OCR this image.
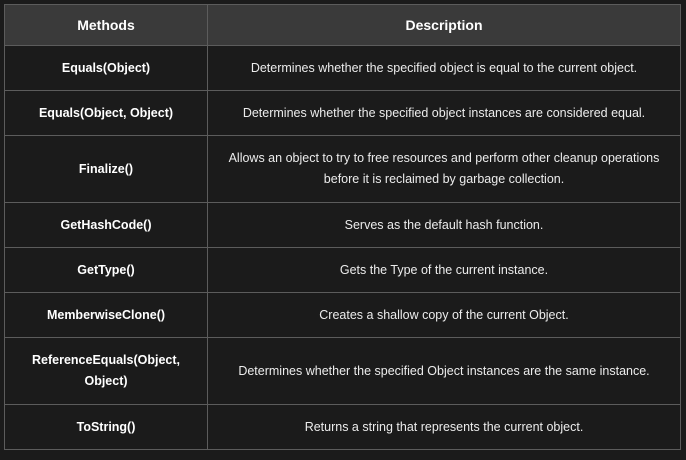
Methods	Description
Equals(Object)	Determines whether the specified object is equal to the current object.
Equals(Object, Object)	Determines whether the specified object instances are considered equal.
Finalize()	Allows an object to try to free resources and perform other cleanup operations before it is reclaimed by garbage collection.
GetHashCode()	Serves as the default hash function.
GetType()	Gets the Type of the current instance.
MemberwiseClone()	Creates a shallow copy of the current Object.
ReferenceEquals(Object, Object)	Determines whether the specified Object instances are the same instance.
ToString()	Returns a string that represents the current object.
